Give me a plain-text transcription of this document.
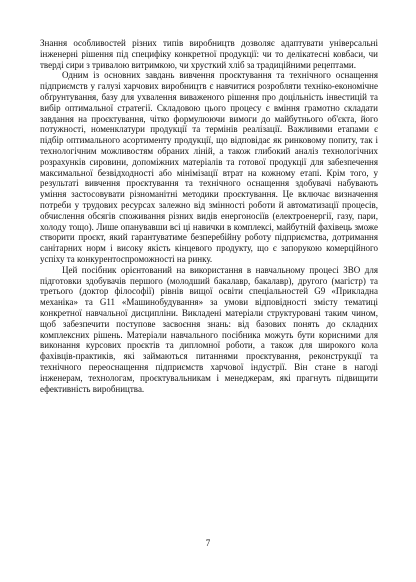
Знання особливостей різних типів виробництв дозволяє адаптувати універсальні інженерні рішення під специфіку конкретної продукції: чи то делікатесні ковбаси, чи тверді сири з тривалою витримкою, чи хрусткий хліб за традиційними рецептами.

Одним із основних завдань вивчення проєктування та технічного оснащення підприємств у галузі харчових виробництв є навчитися розробляти техніко-економічне обґрунтування, базу для ухвалення виваженого рішення про доцільність інвестицій та вибір оптимальної стратегії. Складовою цього процесу є вміння грамотно складати завдання на проєктування, чітко формулюючи вимоги до майбутнього об'єкта, його потужності, номенклатури продукції та термінів реалізації. Важливими етапами є підбір оптимального асортименту продукції, що відповідає як ринковому попиту, так і технологічним можливостям обраних ліній, а також глибокий аналіз технологічних розрахунків сировини, допоміжних матеріалів та готової продукції для забезпечення максимальної безвідходності або мінімізації втрат на кожному етапі. Крім того, у результаті вивчення проєктування та технічного оснащення здобувачі набувають уміння застосовувати різноманітні методики проєктування. Це включає визначення потреби у трудових ресурсах залежно від змінності роботи й автоматизації процесів, обчислення обсягів споживання різних видів енергоносіїв (електроенергії, газу, пари, холоду тощо). Лише опанувавши всі ці навички в комплексі, майбутній фахівець зможе створити проєкт, який гарантуватиме безперебійну роботу підприємства, дотримання санітарних норм і високу якість кінцевого продукту, що є запорукою комерційного успіху та конкурентоспроможності на ринку.

Цей посібник орієнтований на використання в навчальному процесі ЗВО для підготовки здобувачів першого (молодший бакалавр, бакалавр), другого (магістр) та третього (доктор філософії) рівнів вищої освіти спеціальностей G9 «Прикладна механіка» та G11 «Машинобудування» за умови відповідності змісту тематиці конкретної навчальної дисципліни. Викладені матеріали структуровані таким чином, щоб забезпечити поступове засвоєння знань: від базових понять до складних комплексних рішень. Матеріали навчального посібника можуть бути корисними для виконання курсових проєктів та дипломної роботи, а також для широкого кола фахівців-практиків, які займаються питаннями проєктування, реконструкції та технічного переоснащення підприємств харчової індустрії. Він стане в нагоді інженерам, технологам, проєктувальникам і менеджерам, які прагнуть підвищити ефективність виробництва.

7
